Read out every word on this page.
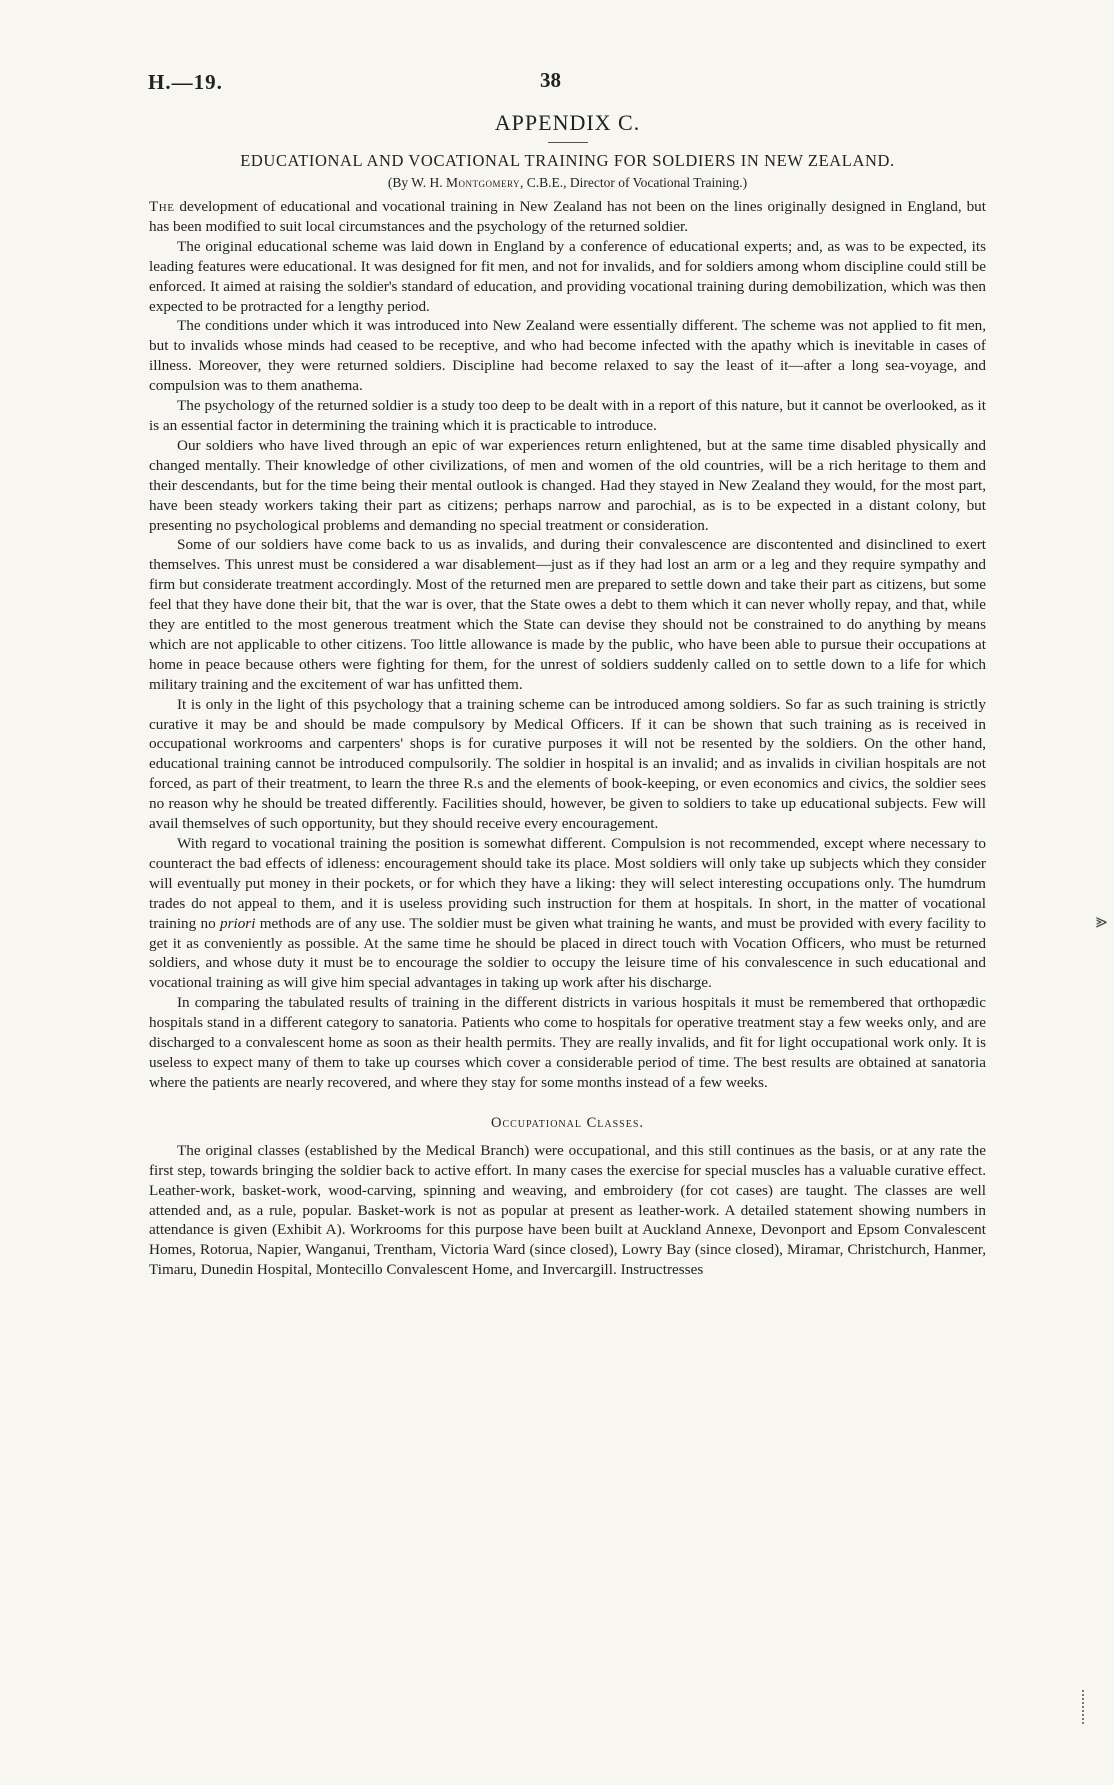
H.—19.	38
APPENDIX C.
EDUCATIONAL AND VOCATIONAL TRAINING FOR SOLDIERS IN NEW ZEALAND.
(By W. H. Montgomery, C.B.E., Director of Vocational Training.)

The development of educational and vocational training in New Zealand has not been on the lines originally designed in England, but has been modified to suit local circumstances and the psychology of the returned soldier.

The original educational scheme was laid down in England by a conference of educational experts; and, as was to be expected, its leading features were educational. It was designed for fit men, and not for invalids, and for soldiers among whom discipline could still be enforced. It aimed at raising the soldier's standard of education, and providing vocational training during demobilization, which was then expected to be protracted for a lengthy period.

The conditions under which it was introduced into New Zealand were essentially different. The scheme was not applied to fit men, but to invalids whose minds had ceased to be receptive, and who had become infected with the apathy which is inevitable in cases of illness. Moreover, they were returned soldiers. Discipline had become relaxed to say the least of it—after a long sea-voyage, and compulsion was to them anathema.

The psychology of the returned soldier is a study too deep to be dealt with in a report of this nature, but it cannot be overlooked, as it is an essential factor in determining the training which it is practicable to introduce.

Our soldiers who have lived through an epic of war experiences return enlightened, but at the same time disabled physically and changed mentally. Their knowledge of other civilizations, of men and women of the old countries, will be a rich heritage to them and their descendants, but for the time being their mental outlook is changed. Had they stayed in New Zealand they would, for the most part, have been steady workers taking their part as citizens; perhaps narrow and parochial, as is to be expected in a distant colony, but presenting no psychological problems and demanding no special treatment or consideration.

Some of our soldiers have come back to us as invalids, and during their convalescence are discontented and disinclined to exert themselves. This unrest must be considered a war disablement—just as if they had lost an arm or a leg and they require sympathy and firm but considerate treatment accordingly. Most of the returned men are prepared to settle down and take their part as citizens, but some feel that they have done their bit, that the war is over, that the State owes a debt to them which it can never wholly repay, and that, while they are entitled to the most generous treatment which the State can devise they should not be constrained to do anything by means which are not applicable to other citizens. Too little allowance is made by the public, who have been able to pursue their occupations at home in peace because others were fighting for them, for the unrest of soldiers suddenly called on to settle down to a life for which military training and the excitement of war has unfitted them.

It is only in the light of this psychology that a training scheme can be introduced among soldiers. So far as such training is strictly curative it may be and should be made compulsory by Medical Officers. If it can be shown that such training as is received in occupational workrooms and carpenters' shops is for curative purposes it will not be resented by the soldiers. On the other hand, educational training cannot be introduced compulsorily. The soldier in hospital is an invalid; and as invalids in civilian hospitals are not forced, as part of their treatment, to learn the three R.s and the elements of book-keeping, or even economics and civics, the soldier sees no reason why he should be treated differently. Facilities should, however, be given to soldiers to take up educational subjects. Few will avail themselves of such opportunity, but they should receive every encouragement.

With regard to vocational training the position is somewhat different. Compulsion is not recommended, except where necessary to counteract the bad effects of idleness: encouragement should take its place. Most soldiers will only take up subjects which they consider will eventually put money in their pockets, or for which they have a liking: they will select interesting occupations only. The humdrum trades do not appeal to them, and it is useless providing such instruction for them at hospitals. In short, in the matter of vocational training no priori methods are of any use. The soldier must be given what training he wants, and must be provided with every facility to get it as conveniently as possible. At the same time he should be placed in direct touch with Vocation Officers, who must be returned soldiers, and whose duty it must be to encourage the soldier to occupy the leisure time of his convalescence in such educational and vocational training as will give him special advantages in taking up work after his discharge.

In comparing the tabulated results of training in the different districts in various hospitals it must be remembered that orthopædic hospitals stand in a different category to sanatoria. Patients who come to hospitals for operative treatment stay a few weeks only, and are discharged to a convalescent home as soon as their health permits. They are really invalids, and fit for light occupational work only. It is useless to expect many of them to take up courses which cover a considerable period of time. The best results are obtained at sanatoria where the patients are nearly recovered, and where they stay for some months instead of a few weeks.

Occupational Classes.

The original classes (established by the Medical Branch) were occupational, and this still continues as the basis, or at any rate the first step, towards bringing the soldier back to active effort. In many cases the exercise for special muscles has a valuable curative effect. Leather-work, basket-work, wood-carving, spinning and weaving, and embroidery (for cot cases) are taught. The classes are well attended and, as a rule, popular. Basket-work is not as popular at present as leather-work. A detailed statement showing numbers in attendance is given (Exhibit A). Workrooms for this purpose have been built at Auckland Annexe, Devonport and Epsom Convalescent Homes, Rotorua, Napier, Wanganui, Trentham, Victoria Ward (since closed), Lowry Bay (since closed), Miramar, Christchurch, Hanmer, Timaru, Dunedin Hospital, Montecillo Convalescent Home, and Invercargill. Instructresses

⪢
